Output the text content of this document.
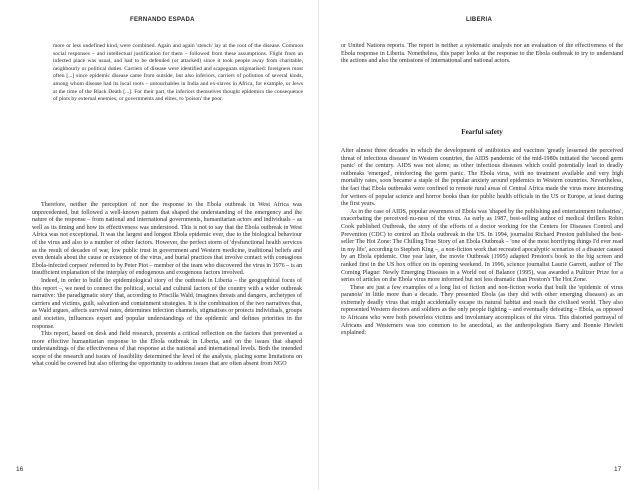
FERNANDO ESPADA
more or less undefined kind, were combined. Again and again 'stench' lay at the root of the disease. Common social responses – and intellectual justification for them – followed from these assumptions. Flight from an infected place was usual, and had to be defended (or attacked) since it took people away from charitable, neighbourly or political duties. Carriers of disease were identified and scapegoats stigmatised: foreigners most often [...] since epidemic disease came from outside, but also inferiors, carriers of pollution of several kinds, among whom disease had its local roots – untouchables in India and ex-slaves in Africa, for example, or Jews at the time of the Black Death [...]. For their part, the inferiors themselves thought epidemics the consequence of plots by external enemies, or governments and elites, to 'poison' the poor.

Therefore, neither the perception of nor the response to the Ebola outbreak in West Africa was unprecedented, but followed a well-known pattern that shaped the understanding of the emergency and the nature of the response – from national and international governments, humanitarian actors and individuals – as well as its timing and how its effectiveness was understood. This is not to say that the Ebola outbreak in West Africa was not exceptional. It was the largest and longest Ebola epidemic ever, due to the biological behaviour of the virus and also to a number of other factors. However, the perfect storm of 'dysfunctional health services as the result of decades of war, low public trust in government and Western medicine, traditional beliefs and even denials about the cause or existence of the virus, and burial practices that involve contact with contagious Ebola-infected corpses' referred to by Peter Piot – member of the team who discovered the virus in 1976 – is an insufficient explanation of the interplay of endogenous and exogenous factors involved.

Indeed, in order to build the epidemiological story of the outbreak in Liberia – the geographical focus of this report –, we need to connect the political, social and cultural factors of the country with a wider outbreak narrative: 'the paradigmatic story' that, according to Priscilla Wald, imagines threats and dangers, archetypes of carriers and victims, guilt, salvation and containment strategies. It is the combination of the two narratives that, as Wald argues, affects survival rates, determines infection channels, stigmatises or protects individuals, groups and societies, influences expert and popular understandings of the epidemic and defines priorities in the response.

This report, based on desk and field research, presents a critical reflection on the factors that prevented a more effective humanitarian response to the Ebola outbreak in Liberia, and on the issues that shaped understandings of the effectiveness of that response at the national and international levels. Both the intended scope of the research and issues of feasibility determined the level of the analysis, placing some limitations on what could be covered but also offering the opportunity to address issues that are often absent from NGO

16
LIBERIA

or United Nations reports. The report is neither a systematic analysis nor an evaluation of the effectiveness of the Ebola response in Liberia. Nonetheless, this paper looks at the response to the Ebola outbreak to try to understand the actions and also the omissions of international and national actors.

Fearful safety

After almost three decades in which the development of antibiotics and vaccines 'greatly lessened the perceived threat of infectious diseases' in Western countries, the AIDS pandemic of the mid-1980s initiated the 'second germ panic' of the century. AIDS was not alone; as other infectious diseases which could potentially lead to deadly outbreaks 'emerged', reinforcing the germ panic. The Ebola virus, with no treatment available and very high mortality rates, soon became a staple of the popular anxiety around epidemics in Western countries. Nevertheless, the fact that Ebola outbreaks were confined to remote rural areas of Central Africa made the virus more interesting for writers of popular science and horror books than for public health officials in the US or Europe, at least during the first years.

As in the case of AIDS, popular awareness of Ebola was 'shaped by the publishing and entertainment industries', exacerbating the perceived nu-ness of the virus. As early as 1987, best-selling author of medical thrillers Robin Cook published Outbreak, the story of the efforts of a doctor working for the Centers for Diseases Control and Prevention (CDC) to control an Ebola outbreak in the US. In 1994, journalist Richard Preston published the best-seller The Hot Zone: The Chilling True Story of an Ebola Outbreak – 'one of the most horrifying things I'd ever read in my life', according to Stephen King –, a non-fiction work that recreated apocalyptic scenarios of a disaster caused by an Ebola epidemic. One year later, the movie Outbreak (1995) adapted Preston's book to the big screen and ranked first in the US box office on its opening weekend. In 1996, science journalist Laurie Garrett, author of The Coming Plague: Newly Emerging Diseases in a World out of Balance (1995), was awarded a Pulitzer Prize for a series of articles on the Ebola virus more informed but not less dramatic than Preston's The Hot Zone.

These are just a few examples of a long list of fiction and non-fiction works that built the 'epidemic of virus paranoia' in little more than a decade. They presented Ebola (as they did with other emerging diseases) as an extremely deadly virus that might accidentally escape its natural habitat and reach the civilised world. They also represented Western doctors and soldiers as the only people fighting – and eventually defeating – Ebola, as opposed to Africans who were both powerless victims and involuntary accomplices of the virus. This distorted portrayal of Africans and Westerners was too common to be anecdotal, as the anthropologists Barry and Bonnie Hewlett explained:

17
